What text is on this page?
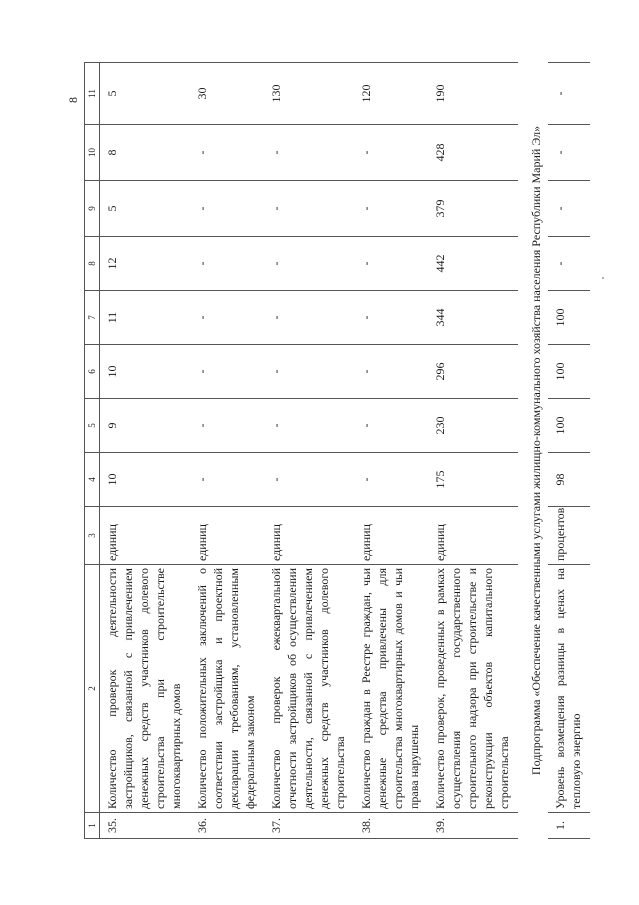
8
1	2	3	4	5	6	7	8	9	10	11
35.	Количество проверок деятельности застройщиков, связанной с привлечением денежных средств участников долевого строительства при строительстве многоквартирных домов	единиц	10	9	10	11	12	5	8	5
36.	Количество положительных заключений о соответствии застройщика и проектной декларации требованиям, установленным федеральным законом	единиц	-	-	-	-	-	-	-	30
37.	Количество проверок ежеквартальной отчетности застройщиков об осуществлении деятельности, связанной с привлечением денежных средств участников долевого строительства	единиц	-	-	-	-	-	-	-	130
38.	Количество граждан в Реестре граждан, чьи денежные средства привлечены для строительства многоквартирных домов и чьи права нарушены	единиц	-	-	-	-	-	-	-	120
39.	Количество проверок, проведенных в рамках осуществления государственного строительного надзора при строительстве и реконструкции объектов капитального строительства	единиц	175	230	296	344	442	379	428	190
Подпрограмма «Обеспечение качественными услугами жилищно-коммунального хозяйства населения Республики Марий Эл»										
1.	Уровень возмещения разницы в ценах на тепловую энергию	процентов	98	100	100	100	-	-	-	-
